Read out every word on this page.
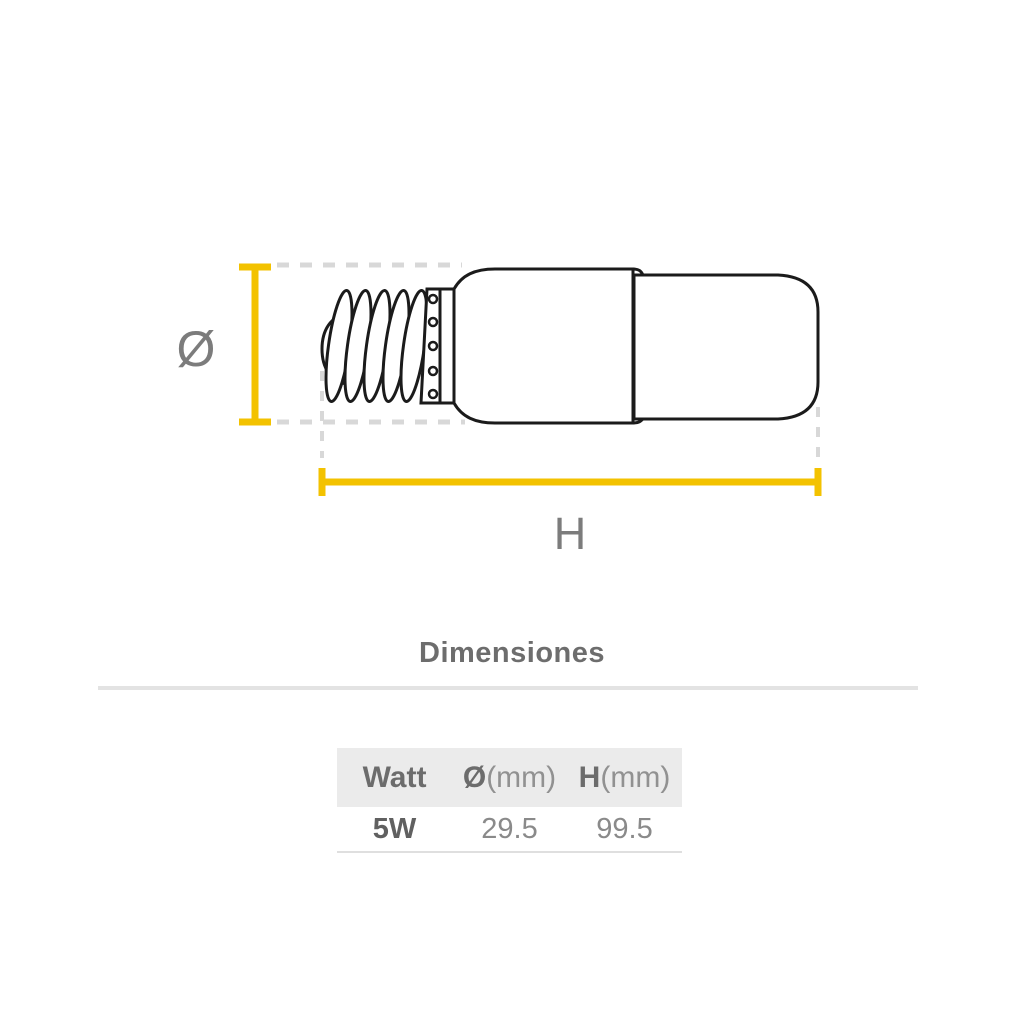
Ø
H
Dimensiones
Watt	Ø(mm) H(mm)
5W	29.5	99.5
